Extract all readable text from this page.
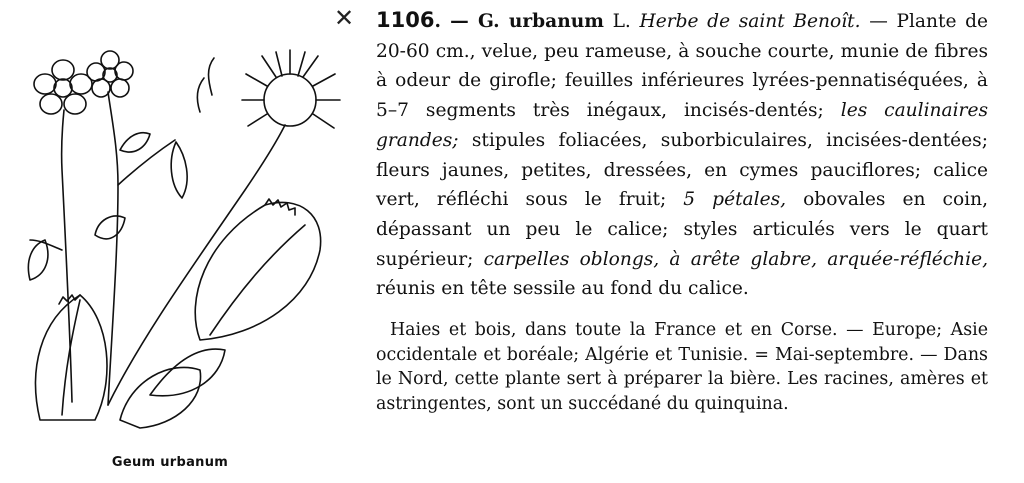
✕
Geum urbanum

1106. — G. urbanum L. Herbe de saint Benoît. — Plante de 20-60 cm., velue, peu rameuse, à souche courte, munie de fibres à odeur de girofle; feuilles inférieures lyrées-pennatiséquées, à 5–7 segments très inégaux, incisés-dentés; les caulinaires grandes; stipules foliacées, suborbiculaires, incisées-dentées; fleurs jaunes, petites, dressées, en cymes pauciflores; calice vert, réfléchi sous le fruit; 5 pétales, obovales en coin, dépassant un peu le calice; styles articulés vers le quart supérieur; carpelles oblongs, à arête glabre, arquée-réfléchie, réunis en tête sessile au fond du calice.

Haies et bois, dans toute la France et en Corse. — Europe; Asie occidentale et boréale; Algérie et Tunisie. = Mai-septembre. — Dans le Nord, cette plante sert à préparer la bière. Les racines, amères et astringentes, sont un succédané du quinquina.
